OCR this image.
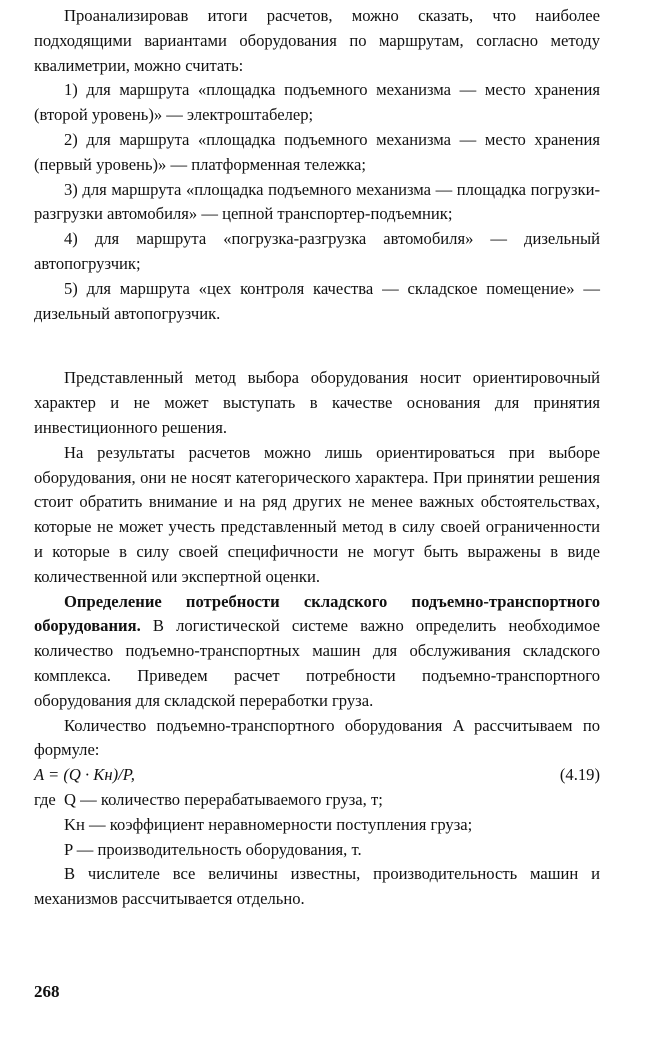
Проанализировав итоги расчетов, можно сказать, что наиболее подходящими вариантами оборудования по маршрутам, согласно методу квалиметрии, можно считать:

1) для маршрута «площадка подъемного механизма — место хранения (второй уровень)» — электроштабелер;

2) для маршрута «площадка подъемного механизма — место хранения (первый уровень)» — платформенная тележка;

3) для маршрута «площадка подъемного механизма — площадка погрузки-разгрузки автомобиля» — цепной транспортер-подъемник;

4) для маршрута «погрузка-разгрузка автомобиля» — дизельный автопогрузчик;

5) для маршрута «цех контроля качества — складское помещение» — дизельный автопогрузчик.

Представленный метод выбора оборудования носит ориентировочный характер и не может выступать в качестве основания для принятия инвестиционного решения.

На результаты расчетов можно лишь ориентироваться при выборе оборудования, они не носят категорического характера. При принятии решения стоит обратить внимание и на ряд других не менее важных обстоятельствах, которые не может учесть представленный метод в силу своей ограниченности и которые в силу своей специфичности не могут быть выражены в виде количественной или экспертной оценки.

Определение потребности складского подъемно-транспортного оборудования. В логистической системе важно определить необходимое количество подъемно-транспортных машин для обслуживания складского комплекса. Приведем расчет потребности подъемно-транспортного оборудования для складской переработки груза.

Количество подъемно-транспортного оборудования A рассчитываем по формуле:

A = (Q · Kн)/P,	(4.19)
где Q — количество перерабатываемого груза, т;

Kн — коэффициент неравномерности поступления груза;

P — производительность оборудования, т.

В числителе все величины известны, производительность машин и механизмов рассчитывается отдельно.

268
